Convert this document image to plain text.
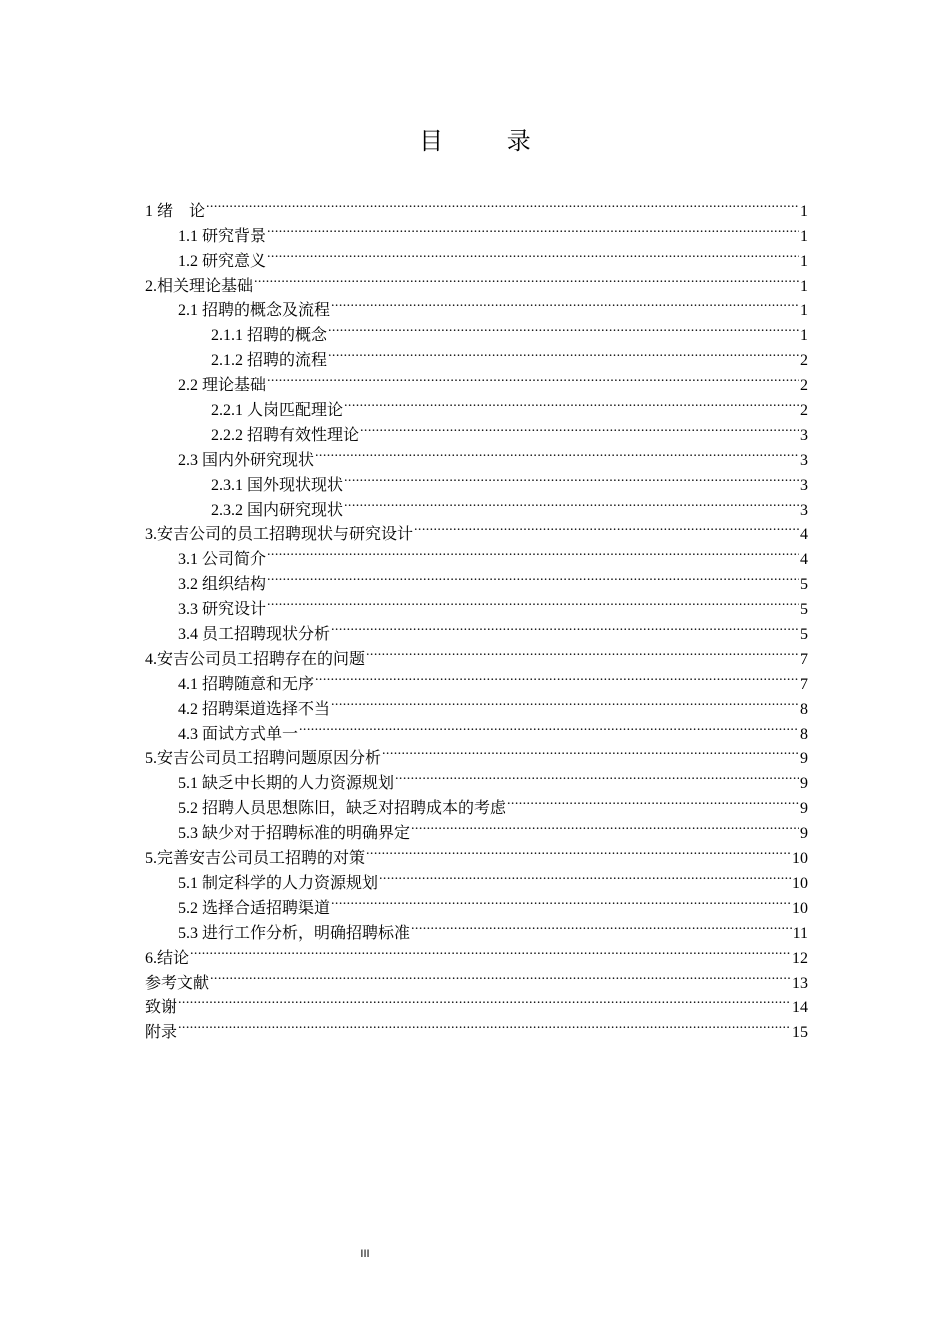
目 录
1 绪　论 .....	1
1.1 研究背景 .....	1
1.2 研究意义 .....	1
2.相关理论基础 .....	1
2.1 招聘的概念及流程 .....	1
2.1.1 招聘的概念 .....	1
2.1.2 招聘的流程 .....	2
2.2 理论基础 .....	2
2.2.1 人岗匹配理论 .....	2
2.2.2 招聘有效性理论 .....	3
2.3 国内外研究现状 .....	3
2.3.1 国外现状现状 .....	3
2.3.2 国内研究现状 .....	3
3.安吉公司的员工招聘现状与研究设计 .....	4
3.1 公司简介 .....	4
3.2 组织结构 .....	5
3.3 研究设计 .....	5
3.4 员工招聘现状分析 .....	5
4.安吉公司员工招聘存在的问题 .....	7
4.1 招聘随意和无序 .....	7
4.2 招聘渠道选择不当 .....	8
4.3 面试方式单一 .....	8
5.安吉公司员工招聘问题原因分析 .....	9
5.1 缺乏中长期的人力资源规划 .....	9
5.2 招聘人员思想陈旧，缺乏对招聘成本的考虑 .....	9
5.3 缺少对于招聘标准的明确界定 .....	9
5.完善安吉公司员工招聘的对策 .....	10
5.1 制定科学的人力资源规划 .....	10
5.2 选择合适招聘渠道 .....	10
5.3 进行工作分析，明确招聘标准 .....	11
6.结论 .....	12
参考文献 .....	13
致谢 .....	14
附录 .....	15
III
